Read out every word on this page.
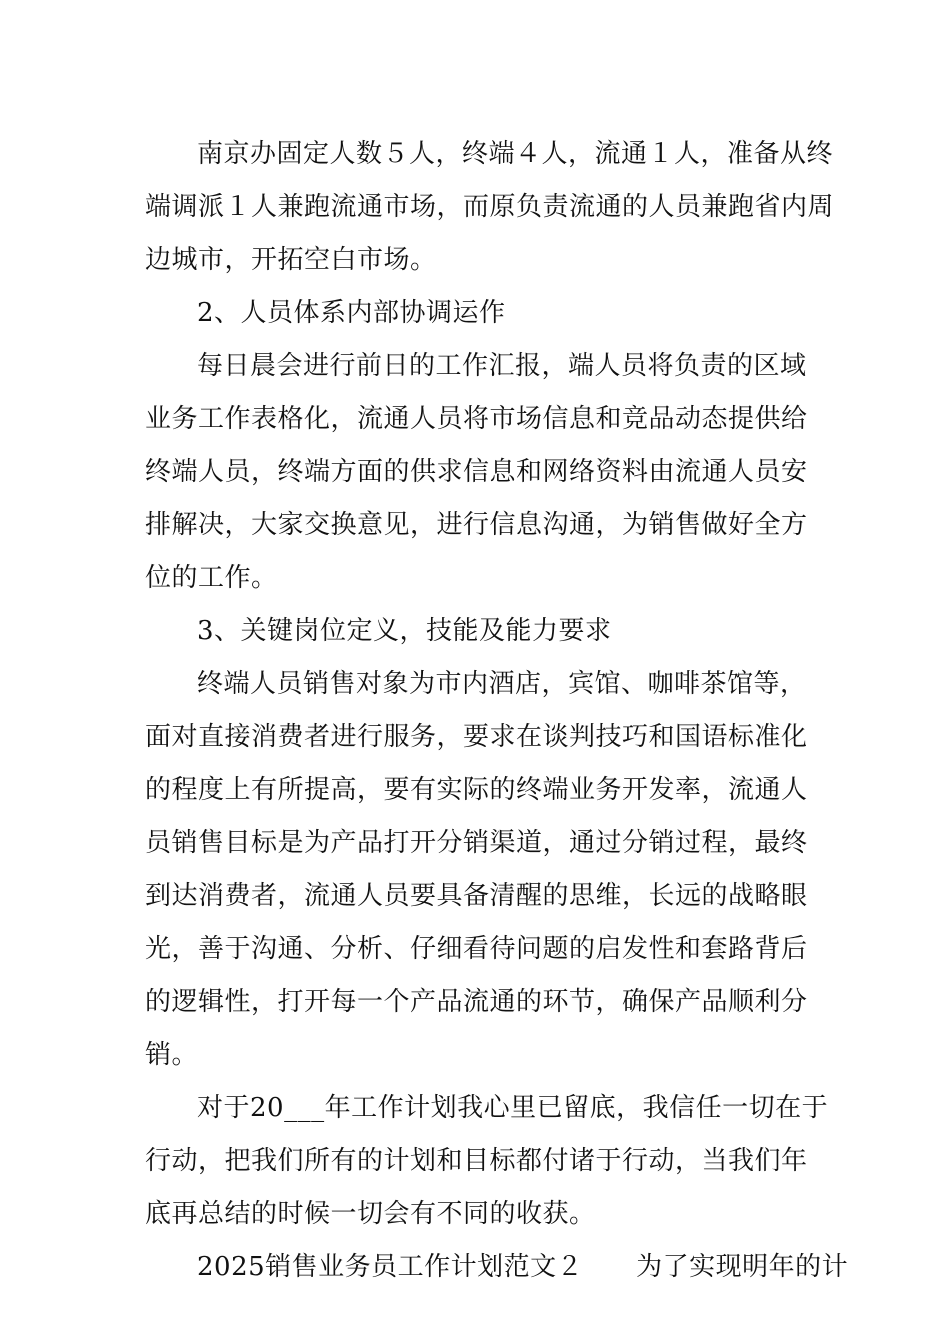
南京办固定人数５人，终端４人，流通１人，准备从终
端调派１人兼跑流通市场，而原负责流通的人员兼跑省内周
边城市，开拓空白市场。
2、人员体系内部协调运作
每日晨会进行前日的工作汇报，端人员将负责的区域
业务工作表格化，流通人员将市场信息和竞品动态提供给
终端人员，终端方面的供求信息和网络资料由流通人员安
排解决，大家交换意见，进行信息沟通，为销售做好全方
位的工作。
3、关键岗位定义，技能及能力要求
终端人员销售对象为市内酒店，宾馆、咖啡茶馆等，
面对直接消费者进行服务，要求在谈判技巧和国语标准化
的程度上有所提高，要有实际的终端业务开发率，流通人
员销售目标是为产品打开分销渠道，通过分销过程，最终
到达消费者，流通人员要具备清醒的思维，长远的战略眼
光，善于沟通、分析、仔细看待问题的启发性和套路背后
的逻辑性，打开每一个产品流通的环节，确保产品顺利分
销。
对于20___年工作计划我心里已留底，我信任一切在于
行动，把我们所有的计划和目标都付诸于行动，当我们年
底再总结的时候一切会有不同的收获。
2025销售业务员工作计划范文２　　为了实现明年的计
